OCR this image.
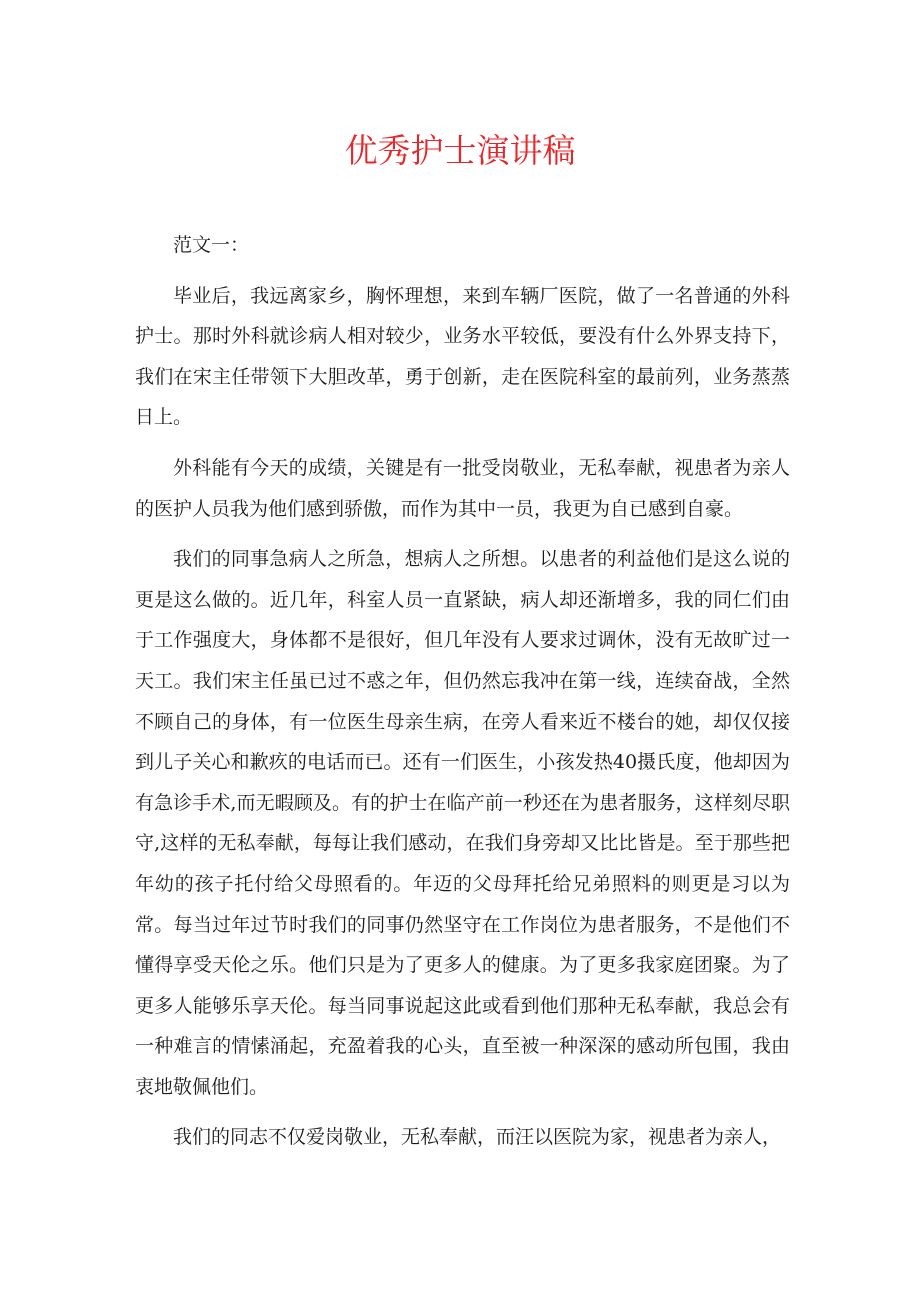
优秀护士演讲稿

范文一：

毕业后，我远离家乡，胸怀理想，来到车辆厂医院，做了一名普通的外科护士。那时外科就诊病人相对较少，业务水平较低，要没有什么外界支持下，我们在宋主任带领下大胆改革，勇于创新，走在医院科室的最前列，业务蒸蒸日上。

外科能有今天的成绩，关键是有一批受岗敬业，无私奉献，视患者为亲人的医护人员我为他们感到骄傲，而作为其中一员，我更为自已感到自豪。

我们的同事急病人之所急，想病人之所想。以患者的利益他们是这么说的更是这么做的。近几年，科室人员一直紧缺，病人却还渐增多，我的同仁们由于工作强度大，身体都不是很好，但几年没有人要求过调休，没有无故旷过一天工。我们宋主任虽已过不惑之年，但仍然忘我冲在第一线，连续奋战，全然不顾自己的身体，有一位医生母亲生病，在旁人看来近不楼台的她，却仅仅接到儿子关心和歉疚的电话而已。还有一们医生，小孩发热40摄氏度，他却因为有急诊手术,而无暇顾及。有的护士在临产前一秒还在为患者服务，这样刻尽职守,这样的无私奉献，每每让我们感动，在我们身旁却又比比皆是。至于那些把年幼的孩子托付给父母照看的。年迈的父母拜托给兄弟照料的则更是习以为常。每当过年过节时我们的同事仍然坚守在工作岗位为患者服务，不是他们不懂得享受天伦之乐。他们只是为了更多人的健康。为了更多我家庭团聚。为了更多人能够乐享天伦。每当同事说起这此或看到他们那种无私奉献，我总会有一种难言的情愫涌起，充盈着我的心头，直至被一种深深的感动所包围，我由衷地敬佩他们。

我们的同志不仅爱岗敬业，无私奉献，而汪以医院为家，视患者为亲人，
